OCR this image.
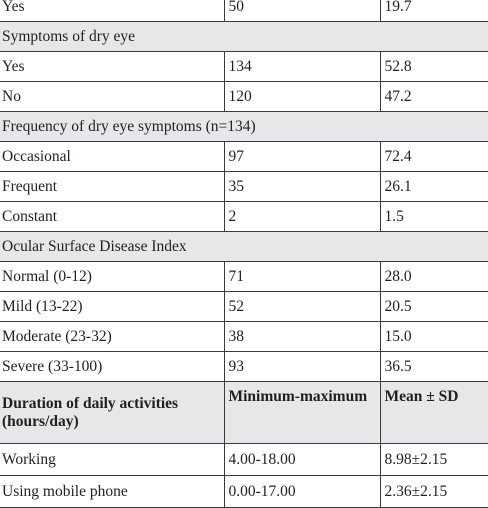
Yes	50	19.7
Symptoms of dry eye		
Yes	134	52.8
No	120	47.2
Frequency of dry eye symptoms (n=134)		
Occasional	97	72.4
Frequent	35	26.1
Constant	2	1.5
Ocular Surface Disease Index		
Normal (0-12)	71	28.0
Mild (13-22)	52	20.5
Moderate (23-32)	38	15.0
Severe (33-100)	93	36.5
Duration of daily activities (hours/day)	Minimum-maximum	Mean ± SD
Working	4.00-18.00	8.98±2.15
Using mobile phone	0.00-17.00	2.36±2.15
